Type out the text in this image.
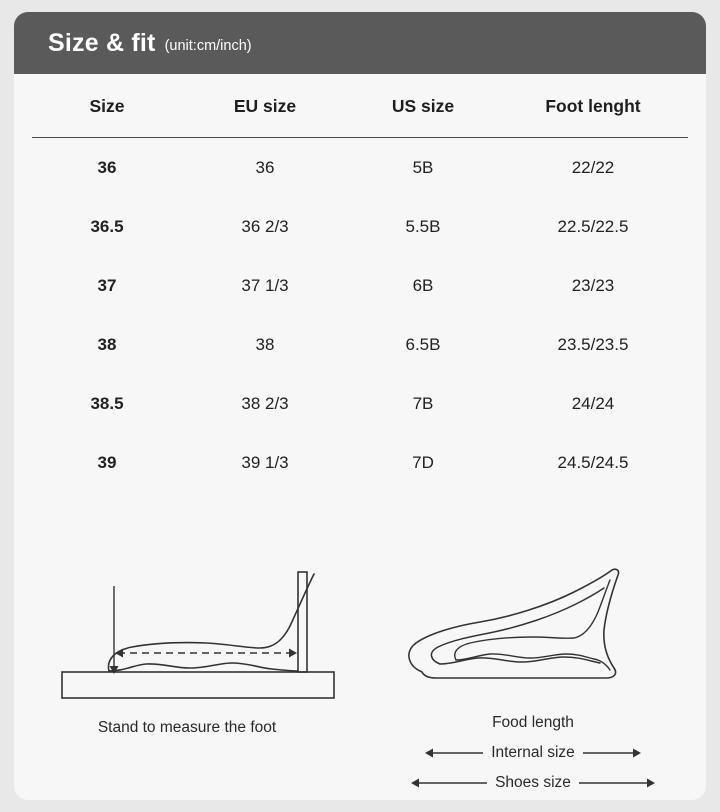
Size & fit (unit:cm/inch)
Size	EU size	US size	Foot lenght
36	36	5B	22/22
36.5	36 2/3	5.5B	22.5/22.5
37	37 1/3	6B	23/23
38	38	6.5B	23.5/23.5
38.5	38 2/3	7B	24/24
39	39 1/3	7D	24.5/24.5
Stand to measure the foot	Food length
Internal size
Shoes size
